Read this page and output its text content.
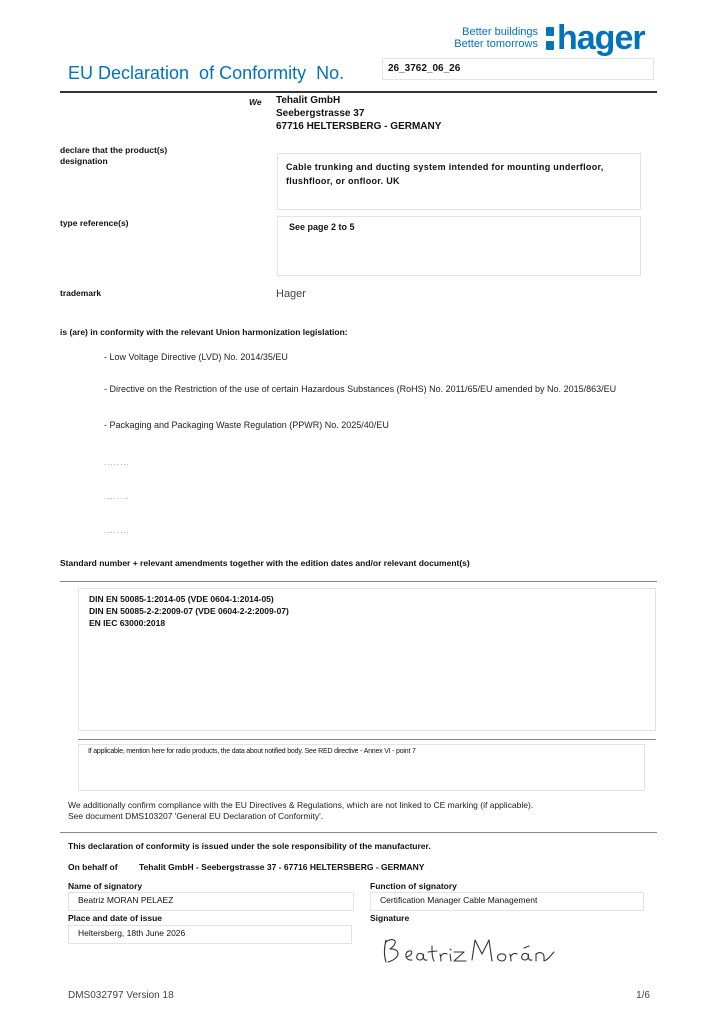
Better buildings
Better tomorrows hager
EU Declaration  of Conformity  No.	26_3762_06_26
We Tehalit GmbH
Seebergstrasse 37
67716 HELTERSBERG - GERMANY
declare that the product(s)
designation
Cable trunking and ducting system intended for mounting underfloor,
flushfloor, or onfloor. UK
type reference(s)	See page 2 to 5
trademark	Hager
is (are) in conformity with the relevant Union harmonization legislation:
- Low Voltage Directive (LVD) No. 2014/35/EU
- Directive on the Restriction of the use of certain Hazardous Substances (RoHS) No. 2011/65/EU amended by No. 2015/863/EU
- Packaging and Packaging Waste Regulation (PPWR) No. 2025/40/EU
........
........
........
Standard number + relevant amendments together with the edition dates and/or relevant document(s)
DIN EN 50085-1:2014-05 (VDE 0604-1:2014-05)
DIN EN 50085-2-2:2009-07 (VDE 0604-2-2:2009-07)
EN IEC 63000:2018
If applicable, mention here for radio products, the data about notified body. See RED directive - Annex VI - point 7
We additionally confirm compliance with the EU Directives & Regulations, which are not linked to CE marking (if applicable).
See document DMS103207 'General EU Declaration of Conformity'.
This declaration of conformity is issued under the sole responsibility of the manufacturer.
On behalf of	Tehalit GmbH - Seebergstrasse 37 - 67716 HELTERSBERG - GERMANY
Name of signatory
Beatriz MORAN PELAEZ
Function of signatory
Certification Manager Cable Management
Place and date of issue
Heltersberg, 18th June 2026
Signature
DMS032797 Version 18	1/6
